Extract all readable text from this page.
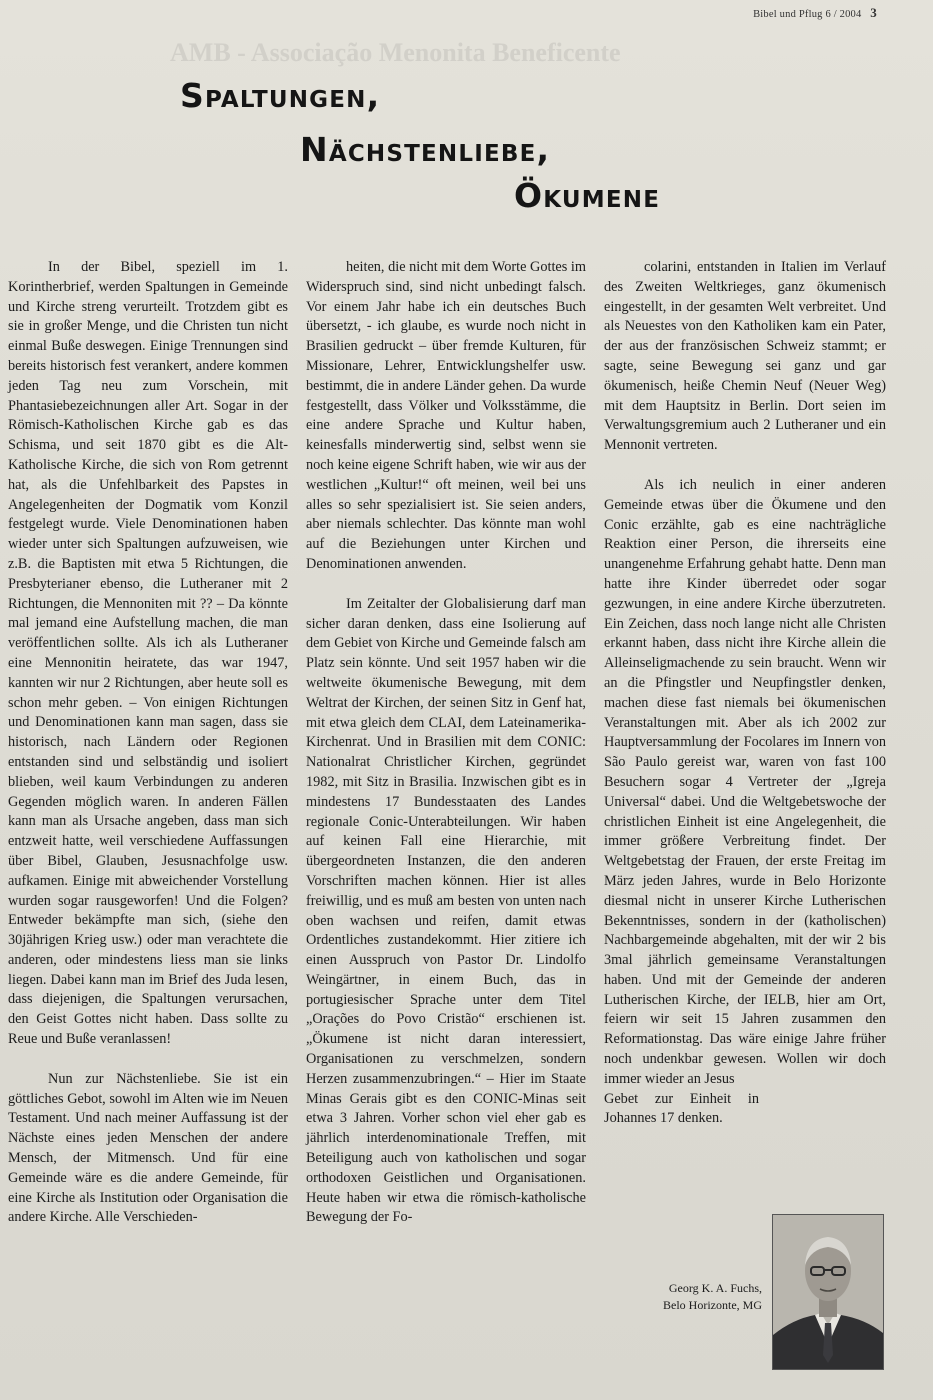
Bibel und Pflug 6 / 2004 3
AMB - Associação Menonita Beneficente
Spaltungen,
Nächstenliebe,
Ökumene

In der Bibel, speziell im 1. Korintherbrief, werden Spaltungen in Gemeinde und Kirche streng verurteilt. Trotzdem gibt es sie in großer Menge, und die Christen tun nicht einmal Buße deswegen. Einige Trennungen sind bereits historisch fest verankert, andere kommen jeden Tag neu zum Vorschein, mit Phantasiebezeichnungen aller Art. Sogar in der Römisch-Katholischen Kirche gab es das Schisma, und seit 1870 gibt es die Alt-Katholische Kirche, die sich von Rom getrennt hat, als die Unfehlbarkeit des Papstes in Angelegenheiten der Dogmatik vom Konzil festgelegt wurde. Viele Denominationen haben wieder unter sich Spaltungen aufzuweisen, wie z.B. die Baptisten mit etwa 5 Richtungen, die Presbyterianer ebenso, die Lutheraner mit 2 Richtungen, die Mennoniten mit ?? – Da könnte mal jemand eine Aufstellung machen, die man veröffentlichen sollte. Als ich als Lutheraner eine Mennonitin heiratete, das war 1947, kannten wir nur 2 Richtungen, aber heute soll es schon mehr geben. – Von einigen Richtungen und Denominationen kann man sagen, dass sie historisch, nach Ländern oder Regionen entstanden sind und selbständig und isoliert blieben, weil kaum Verbindungen zu anderen Gegenden möglich waren. In anderen Fällen kann man als Ursache angeben, dass man sich entzweit hatte, weil verschiedene Auffassungen über Bibel, Glauben, Jesusnachfolge usw. aufkamen. Einige mit abweichender Vorstellung wurden sogar rausgeworfen! Und die Folgen? Entweder bekämpfte man sich, (siehe den 30jährigen Krieg usw.) oder man verachtete die anderen, oder mindestens liess man sie links liegen. Dabei kann man im Brief des Juda lesen, dass diejenigen, die Spaltungen verursachen, den Geist Gottes nicht haben. Dass sollte zu Reue und Buße veranlassen!

Nun zur Nächstenliebe. Sie ist ein göttliches Gebot, sowohl im Alten wie im Neuen Testament. Und nach meiner Auffassung ist der Nächste eines jeden Menschen der andere Mensch, der Mitmensch. Und für eine Gemeinde wäre es die andere Gemeinde, für eine Kirche als Institution oder Organisation die andere Kirche. Alle Verschieden-

heiten, die nicht mit dem Worte Gottes im Widerspruch sind, sind nicht unbedingt falsch. Vor einem Jahr habe ich ein deutsches Buch übersetzt, - ich glaube, es wurde noch nicht in Brasilien gedruckt – über fremde Kulturen, für Missionare, Lehrer, Entwicklungshelfer usw. bestimmt, die in andere Länder gehen. Da wurde festgestellt, dass Völker und Volksstämme, die eine andere Sprache und Kultur haben, keinesfalls minderwertig sind, selbst wenn sie noch keine eigene Schrift haben, wie wir aus der westlichen „Kultur!“ oft meinen, weil bei uns alles so sehr spezialisiert ist. Sie seien anders, aber niemals schlechter. Das könnte man wohl auf die Beziehungen unter Kirchen und Denominationen anwenden.

Im Zeitalter der Globalisierung darf man sicher daran denken, dass eine Isolierung auf dem Gebiet von Kirche und Gemeinde falsch am Platz sein könnte. Und seit 1957 haben wir die weltweite ökumenische Bewegung, mit dem Weltrat der Kirchen, der seinen Sitz in Genf hat, mit etwa gleich dem CLAI, dem Lateinamerika-Kirchenrat. Und in Brasilien mit dem CONIC: Nationalrat Christlicher Kirchen, gegründet 1982, mit Sitz in Brasilia. Inzwischen gibt es in mindestens 17 Bundesstaaten des Landes regionale Conic-Unterabteilungen. Wir haben auf keinen Fall eine Hierarchie, mit übergeordneten Instanzen, die den anderen Vorschriften machen können. Hier ist alles freiwillig, und es muß am besten von unten nach oben wachsen und reifen, damit etwas Ordentliches zustandekommt. Hier zitiere ich einen Ausspruch von Pastor Dr. Lindolfo Weingärtner, in einem Buch, das in portugiesischer Sprache unter dem Titel „Orações do Povo Cristão“ erschienen ist. „Ökumene ist nicht daran interessiert, Organisationen zu verschmelzen, sondern Herzen zusammenzubringen.“ – Hier im Staate Minas Gerais gibt es den CONIC-Minas seit etwa 3 Jahren. Vorher schon viel eher gab es jährlich interdenominationale Treffen, mit Beteiligung auch von katholischen und sogar orthodoxen Geistlichen und Organisationen. Heute haben wir etwa die römisch-katholische Bewegung der Fo-

colarini, entstanden in Italien im Verlauf des Zweiten Weltkrieges, ganz ökumenisch eingestellt, in der gesamten Welt verbreitet. Und als Neuestes von den Katholiken kam ein Pater, der aus der französischen Schweiz stammt; er sagte, seine Bewegung sei ganz und gar ökumenisch, heiße Chemin Neuf (Neuer Weg) mit dem Hauptsitz in Berlin. Dort seien im Verwaltungsgremium auch 2 Lutheraner und ein Mennonit vertreten.

Als ich neulich in einer anderen Gemeinde etwas über die Ökumene und den Conic erzählte, gab es eine nachträgliche Reaktion einer Person, die ihrerseits eine unangenehme Erfahrung gehabt hatte. Denn man hatte ihre Kinder überredet oder sogar gezwungen, in eine andere Kirche überzutreten. Ein Zeichen, dass noch lange nicht alle Christen erkannt haben, dass nicht ihre Kirche allein die Alleinseligmachende zu sein braucht. Wenn wir an die Pfingstler und Neupfingstler denken, machen diese fast niemals bei ökumenischen Veranstaltungen mit. Aber als ich 2002 zur Hauptversammlung der Focolares im Innern von São Paulo gereist war, waren von fast 100 Besuchern sogar 4 Vertreter der „Igreja Universal“ dabei. Und die Weltgebetswoche der christlichen Einheit ist eine Angelegenheit, die immer größere Verbreitung findet. Der Weltgebetstag der Frauen, der erste Freitag im März jeden Jahres, wurde in Belo Horizonte diesmal nicht in unserer Kirche Lutherischen Bekenntnisses, sondern in der (katholischen) Nachbargemeinde abgehalten, mit der wir 2 bis 3mal jährlich gemeinsame Veranstaltungen haben. Und mit der Gemeinde der anderen Lutherischen Kirche, der IELB, hier am Ort, feiern wir seit 15 Jahren zusammen den Reformationstag. Das wäre einige Jahre früher noch undenkbar gewesen. Wollen wir doch immer wieder an Jesus

Gebet zur Einheit in Johannes 17 denken.

Georg K. A. Fuchs,
Belo Horizonte, MG
